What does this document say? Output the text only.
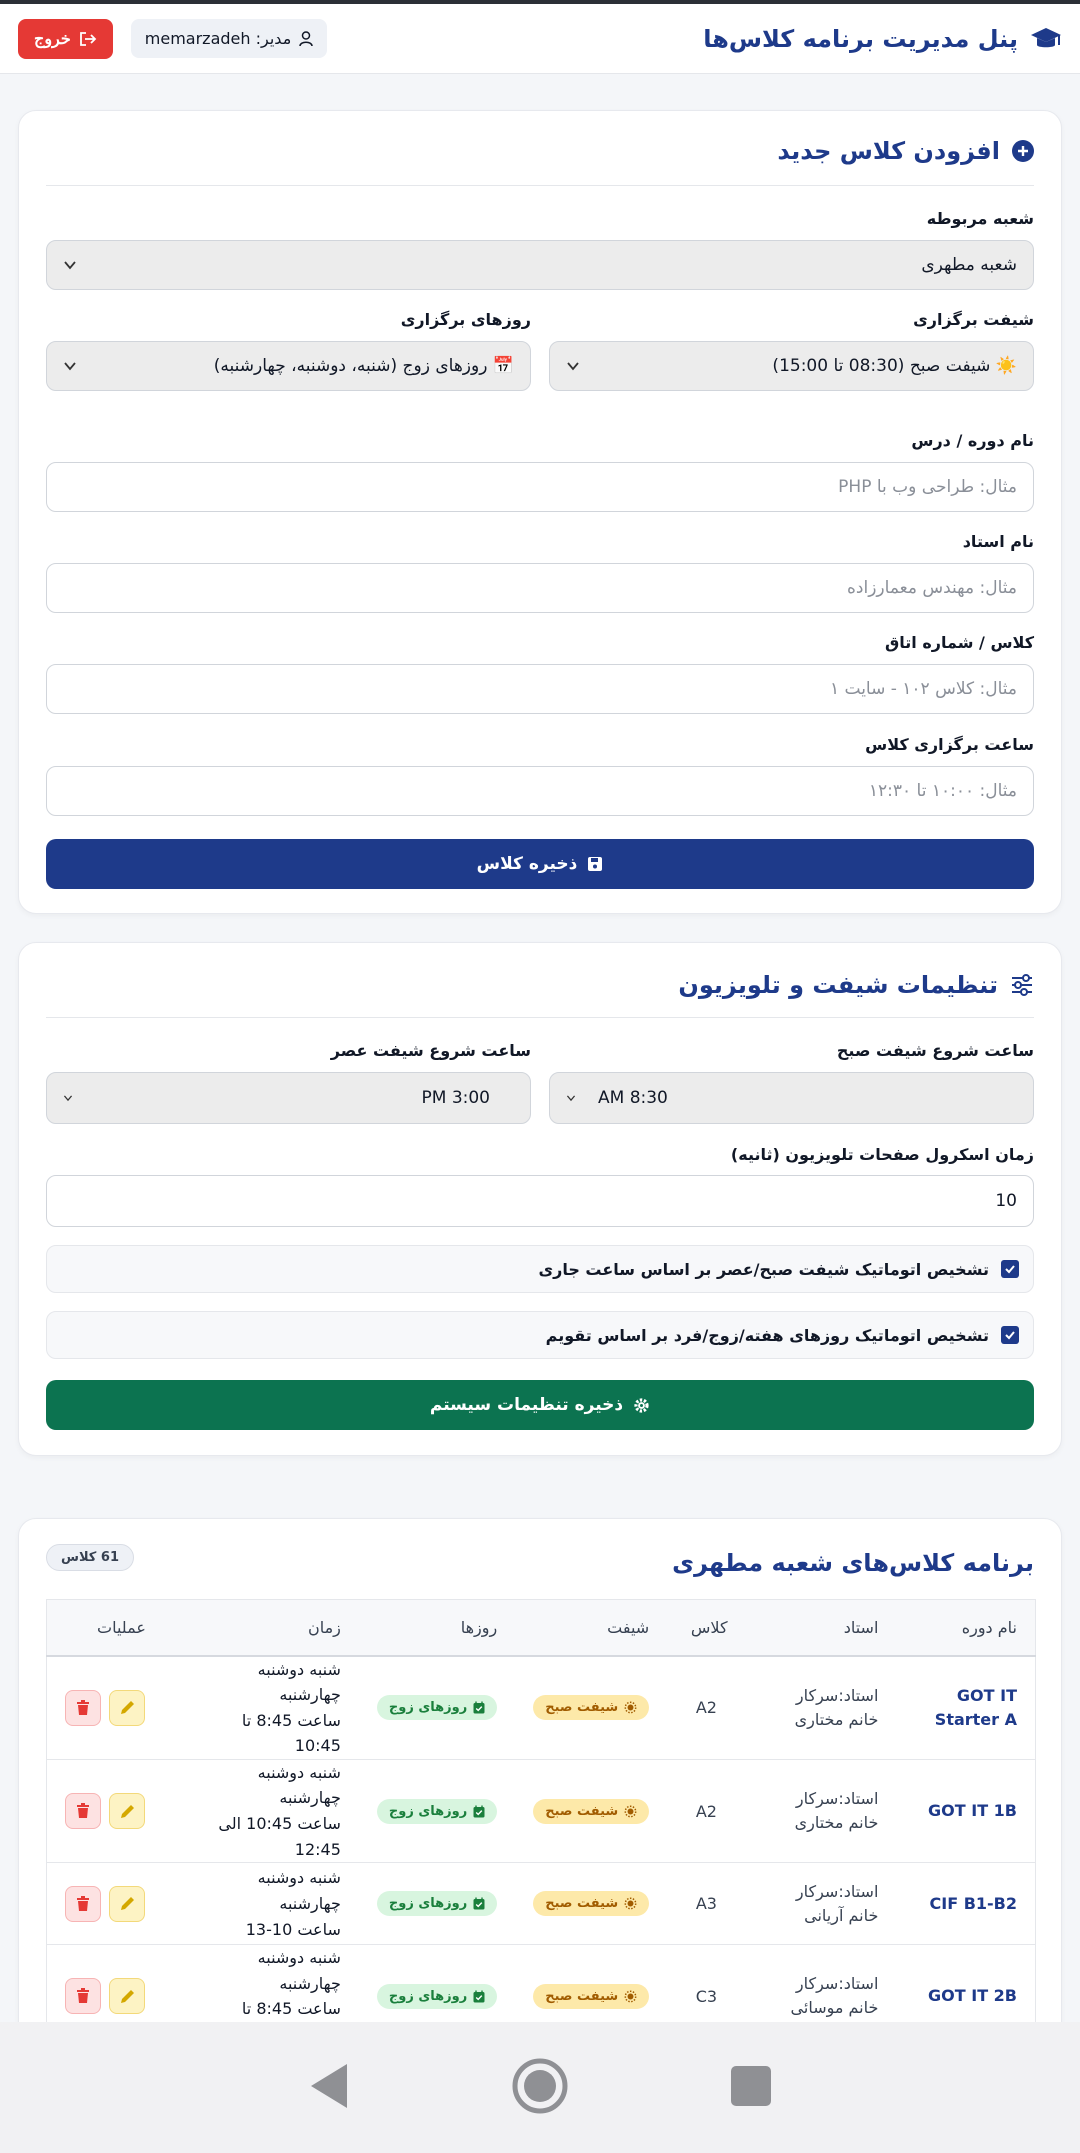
پنل مدیریت برنامه کلاس‌ها
مدیر: memarzadeh
خروج
افزودن کلاس جدید
شعبه مربوطه
شعبه مطهری
شیفت برگزاری
☀️ شیفت صبح (08:30 تا 15:00)
روزهای برگزاری
📅 روزهای زوج (شنبه، دوشنبه، چهارشنبه)
نام دوره / درس
مثال: طراحی وب با PHP
نام استاد
مثال: مهندس معمارزاده
کلاس / شماره اتاق
مثال: کلاس ۱۰۲ - سایت ۱
ساعت برگزاری کلاس
مثال: ۱۰:۰۰ تا ۱۲:۳۰
ذخیره کلاس
تنظیمات شیفت و تلویزیون
ساعت شروع شیفت صبح
AM 8:30
ساعت شروع شیفت عصر
PM 3:00
زمان اسکرول صفحات تلویزیون (ثانیه)
10
تشخیص اتوماتیک شیفت صبح/عصر بر اساس ساعت جاری
تشخیص اتوماتیک روزهای هفته/زوج/فرد بر اساس تقویم
ذخیره تنظیمات سیستم
برنامه کلاس‌های شعبه مطهری
61 کلاس
نام دوره	استاد	کلاس	شیفت	روزها	زمان	عملیات

GOT IT Starter A	استاد:سرکار خانم مختاری	A2	شیفت صبح	روزهای زوج	شنبه دوشنبه چهارشنبه
ساعت 8:45 تا 10:45

GOT IT 1B	استاد:سرکار خانم مختاری	A2	شیفت صبح	روزهای زوج	شنبه دوشنبه چهارشنبه
ساعت 10:45 الی 12:45

CIF B1-B2	استاد:سرکار خانم آریانی	A3	شیفت صبح	روزهای زوج	شنبه دوشنبه چهارشنبه
ساعت 10-13

GOT IT 2B	استاد:سرکار خانم موسائی	C3	شیفت صبح	روزهای زوج	شنبه دوشنبه چهارشنبه
ساعت 8:45 تا
